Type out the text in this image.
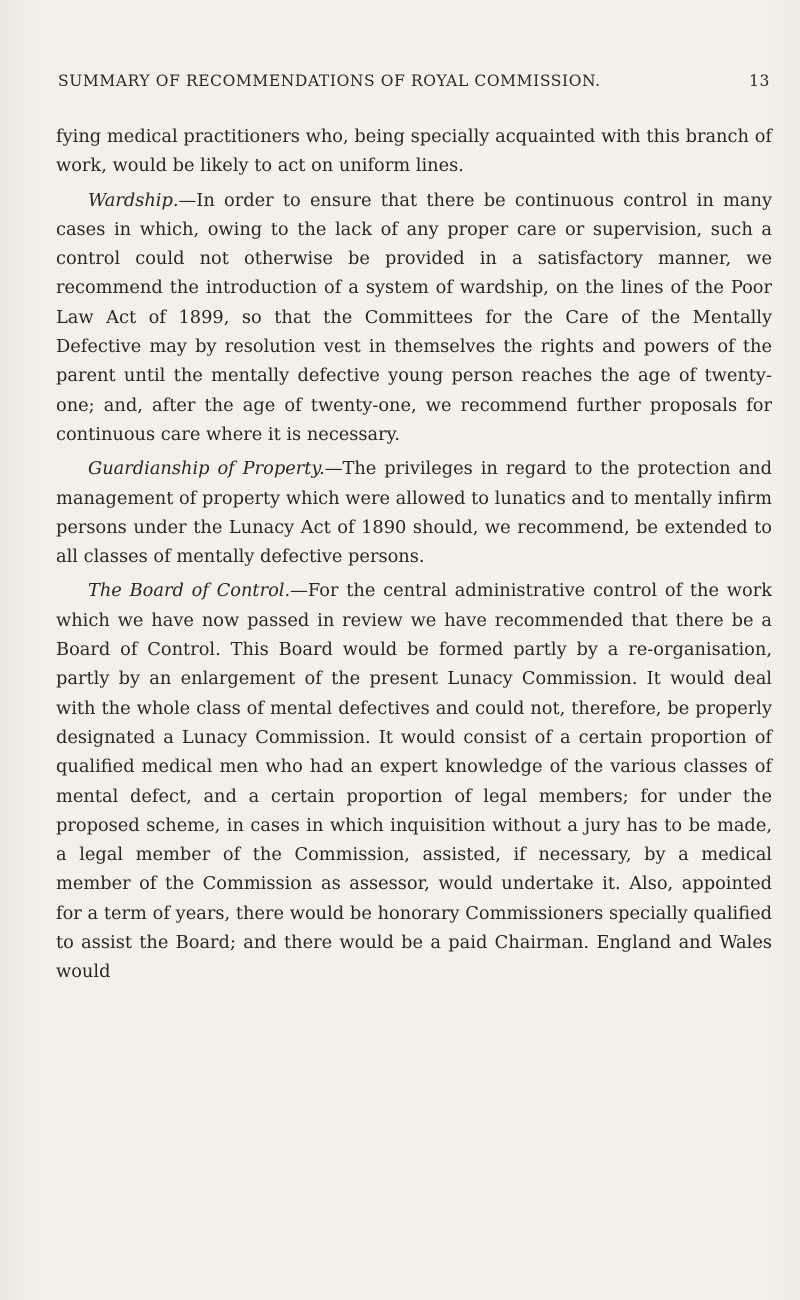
SUMMARY OF RECOMMENDATIONS OF ROYAL COMMISSION.	13

fying medical practitioners who, being specially acquainted with this branch of work, would be likely to act on uniform lines.

Wardship.—In order to ensure that there be continuous control in many cases in which, owing to the lack of any proper care or supervision, such a control could not otherwise be provided in a satisfactory manner, we recommend the introduction of a system of wardship, on the lines of the Poor Law Act of 1899, so that the Committees for the Care of the Mentally Defective may by resolution vest in themselves the rights and powers of the parent until the mentally defective young person reaches the age of twenty-one; and, after the age of twenty-one, we recommend further proposals for continuous care where it is necessary.

Guardianship of Property.—The privileges in regard to the protection and management of property which were allowed to lunatics and to mentally infirm persons under the Lunacy Act of 1890 should, we recommend, be extended to all classes of mentally defective persons.

The Board of Control.—For the central administrative control of the work which we have now passed in review we have recommended that there be a Board of Control. This Board would be formed partly by a re-organisation, partly by an enlargement of the present Lunacy Commission. It would deal with the whole class of mental defectives and could not, therefore, be properly designated a Lunacy Commission. It would consist of a certain proportion of qualified medical men who had an expert knowledge of the various classes of mental defect, and a certain proportion of legal members; for under the proposed scheme, in cases in which inquisition without a jury has to be made, a legal member of the Commission, assisted, if necessary, by a medical member of the Commission as assessor, would undertake it. Also, appointed for a term of years, there would be honorary Commissioners specially qualified to assist the Board; and there would be a paid Chairman. England and Wales would
